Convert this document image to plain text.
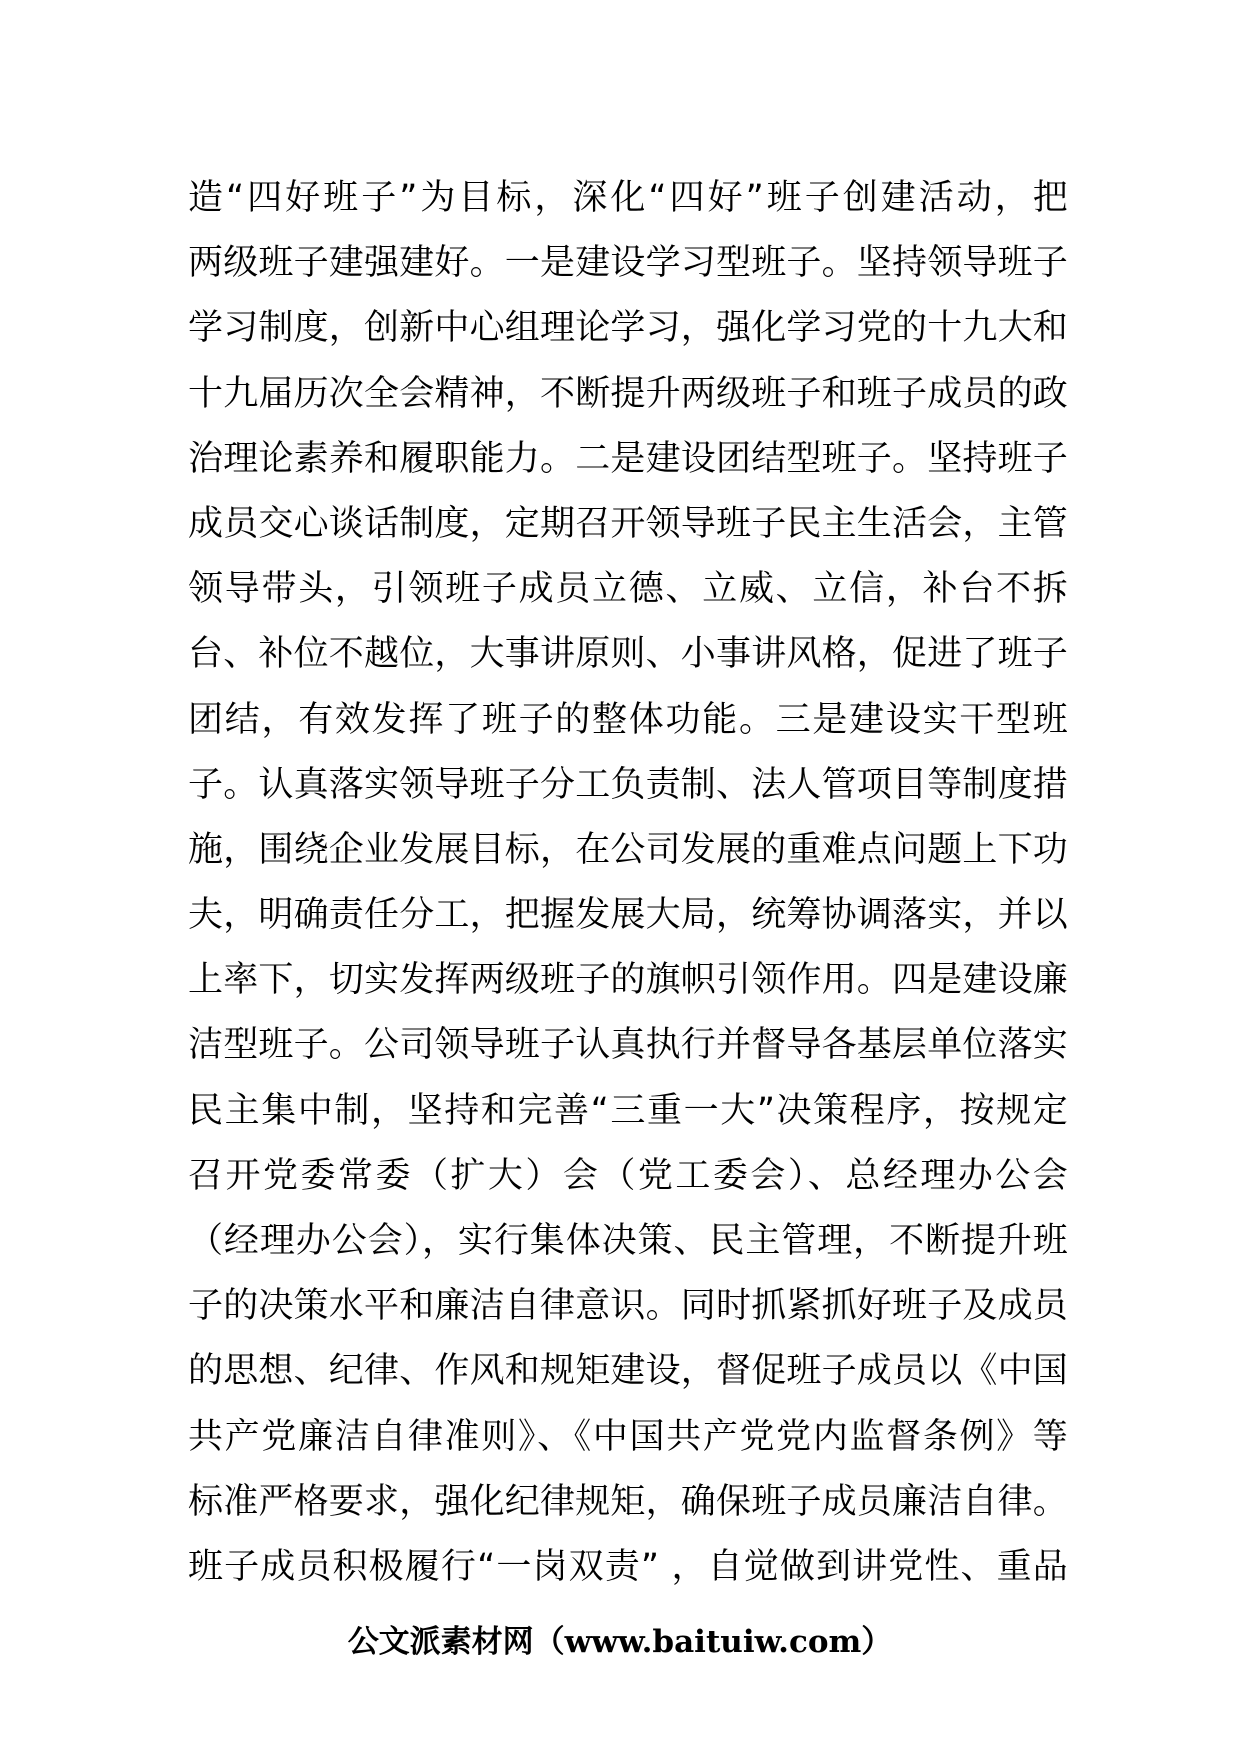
造“四好班子”为目标，深化“四好”班子创建活动，把
两级班子建强建好。一是建设学习型班子。坚持领导班子
学习制度，创新中心组理论学习，强化学习党的十九大和
十九届历次全会精神，不断提升两级班子和班子成员的政
治理论素养和履职能力。二是建设团结型班子。坚持班子
成员交心谈话制度，定期召开领导班子民主生活会，主管
领导带头，引领班子成员立德、立威、立信，补台不拆
台、补位不越位，大事讲原则、小事讲风格，促进了班子
团结，有效发挥了班子的整体功能。三是建设实干型班
子。认真落实领导班子分工负责制、法人管项目等制度措
施，围绕企业发展目标，在公司发展的重难点问题上下功
夫，明确责任分工，把握发展大局，统筹协调落实，并以
上率下，切实发挥两级班子的旗帜引领作用。四是建设廉
洁型班子。公司领导班子认真执行并督导各基层单位落实
民主集中制，坚持和完善“三重一大”决策程序，按规定
召开党委常委（扩大）会（党工委会）、总经理办公会
（经理办公会），实行集体决策、民主管理，不断提升班
子的决策水平和廉洁自律意识。同时抓紧抓好班子及成员
的思想、纪律、作风和规矩建设，督促班子成员以《中国
共产党廉洁自律准则》、《中国共产党党内监督条例》等
标准严格要求，强化纪律规矩，确保班子成员廉洁自律。
班子成员积极履行“一岗双责” ，自觉做到讲党性、重品
公文派素材网（www.baituiw.com）
